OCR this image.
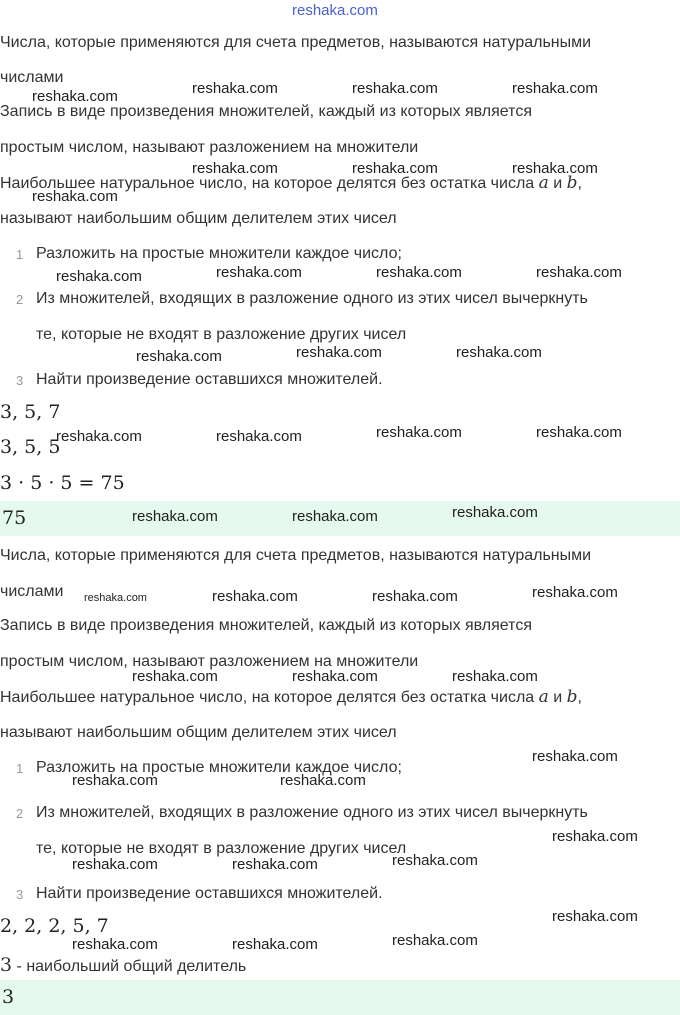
reshaka.com
Числа, которые применяются для счета предметов, называются натуральными
числами
Запись в виде произведения множителей, каждый из которых является
простым числом, называют разложением на множители
Наибольшее натуральное число, на которое делятся без остатка числа a и b,
называют наибольшим общим делителем этих чисел
1 Разложить на простые множители каждое число;
2 Из множителей, входящих в разложение одного из этих чисел вычеркнуть
те, которые не входят в разложение других чисел
3 Найти произведение оставшихся множителей.
3, 5, 7
3, 5, 5
3 · 5 · 5 = 75
75
Числа, которые применяются для счета предметов, называются натуральными
числами
Запись в виде произведения множителей, каждый из которых является
простым числом, называют разложением на множители
Наибольшее натуральное число, на которое делятся без остатка числа a и b,
называют наибольшим общим делителем этих чисел
1 Разложить на простые множители каждое число;
2 Из множителей, входящих в разложение одного из этих чисел вычеркнуть
те, которые не входят в разложение других чисел
3 Найти произведение оставшихся множителей.
2, 2, 2, 5, 7
3 - наибольший общий делитель
3
reshaka.com	reshaka.com	reshaka.com	reshaka.com
reshaka.com
reshaka.com	reshaka.com	reshaka.com
reshaka.com	reshaka.com	reshaka.com	reshaka.com
reshaka.com	reshaka.com	reshaka.com
reshaka.com	reshaka.com	reshaka.com	reshaka.com
reshaka.com	reshaka.com	reshaka.com
reshaka.com	reshaka.com	reshaka.com	reshaka.com
reshaka.com	reshaka.com	reshaka.com
reshaka.com	reshaka.com
reshaka.com
reshaka.com	reshaka.com	reshaka.com
reshaka.com
reshaka.com	reshaka.com	reshaka.com
reshaka.com
